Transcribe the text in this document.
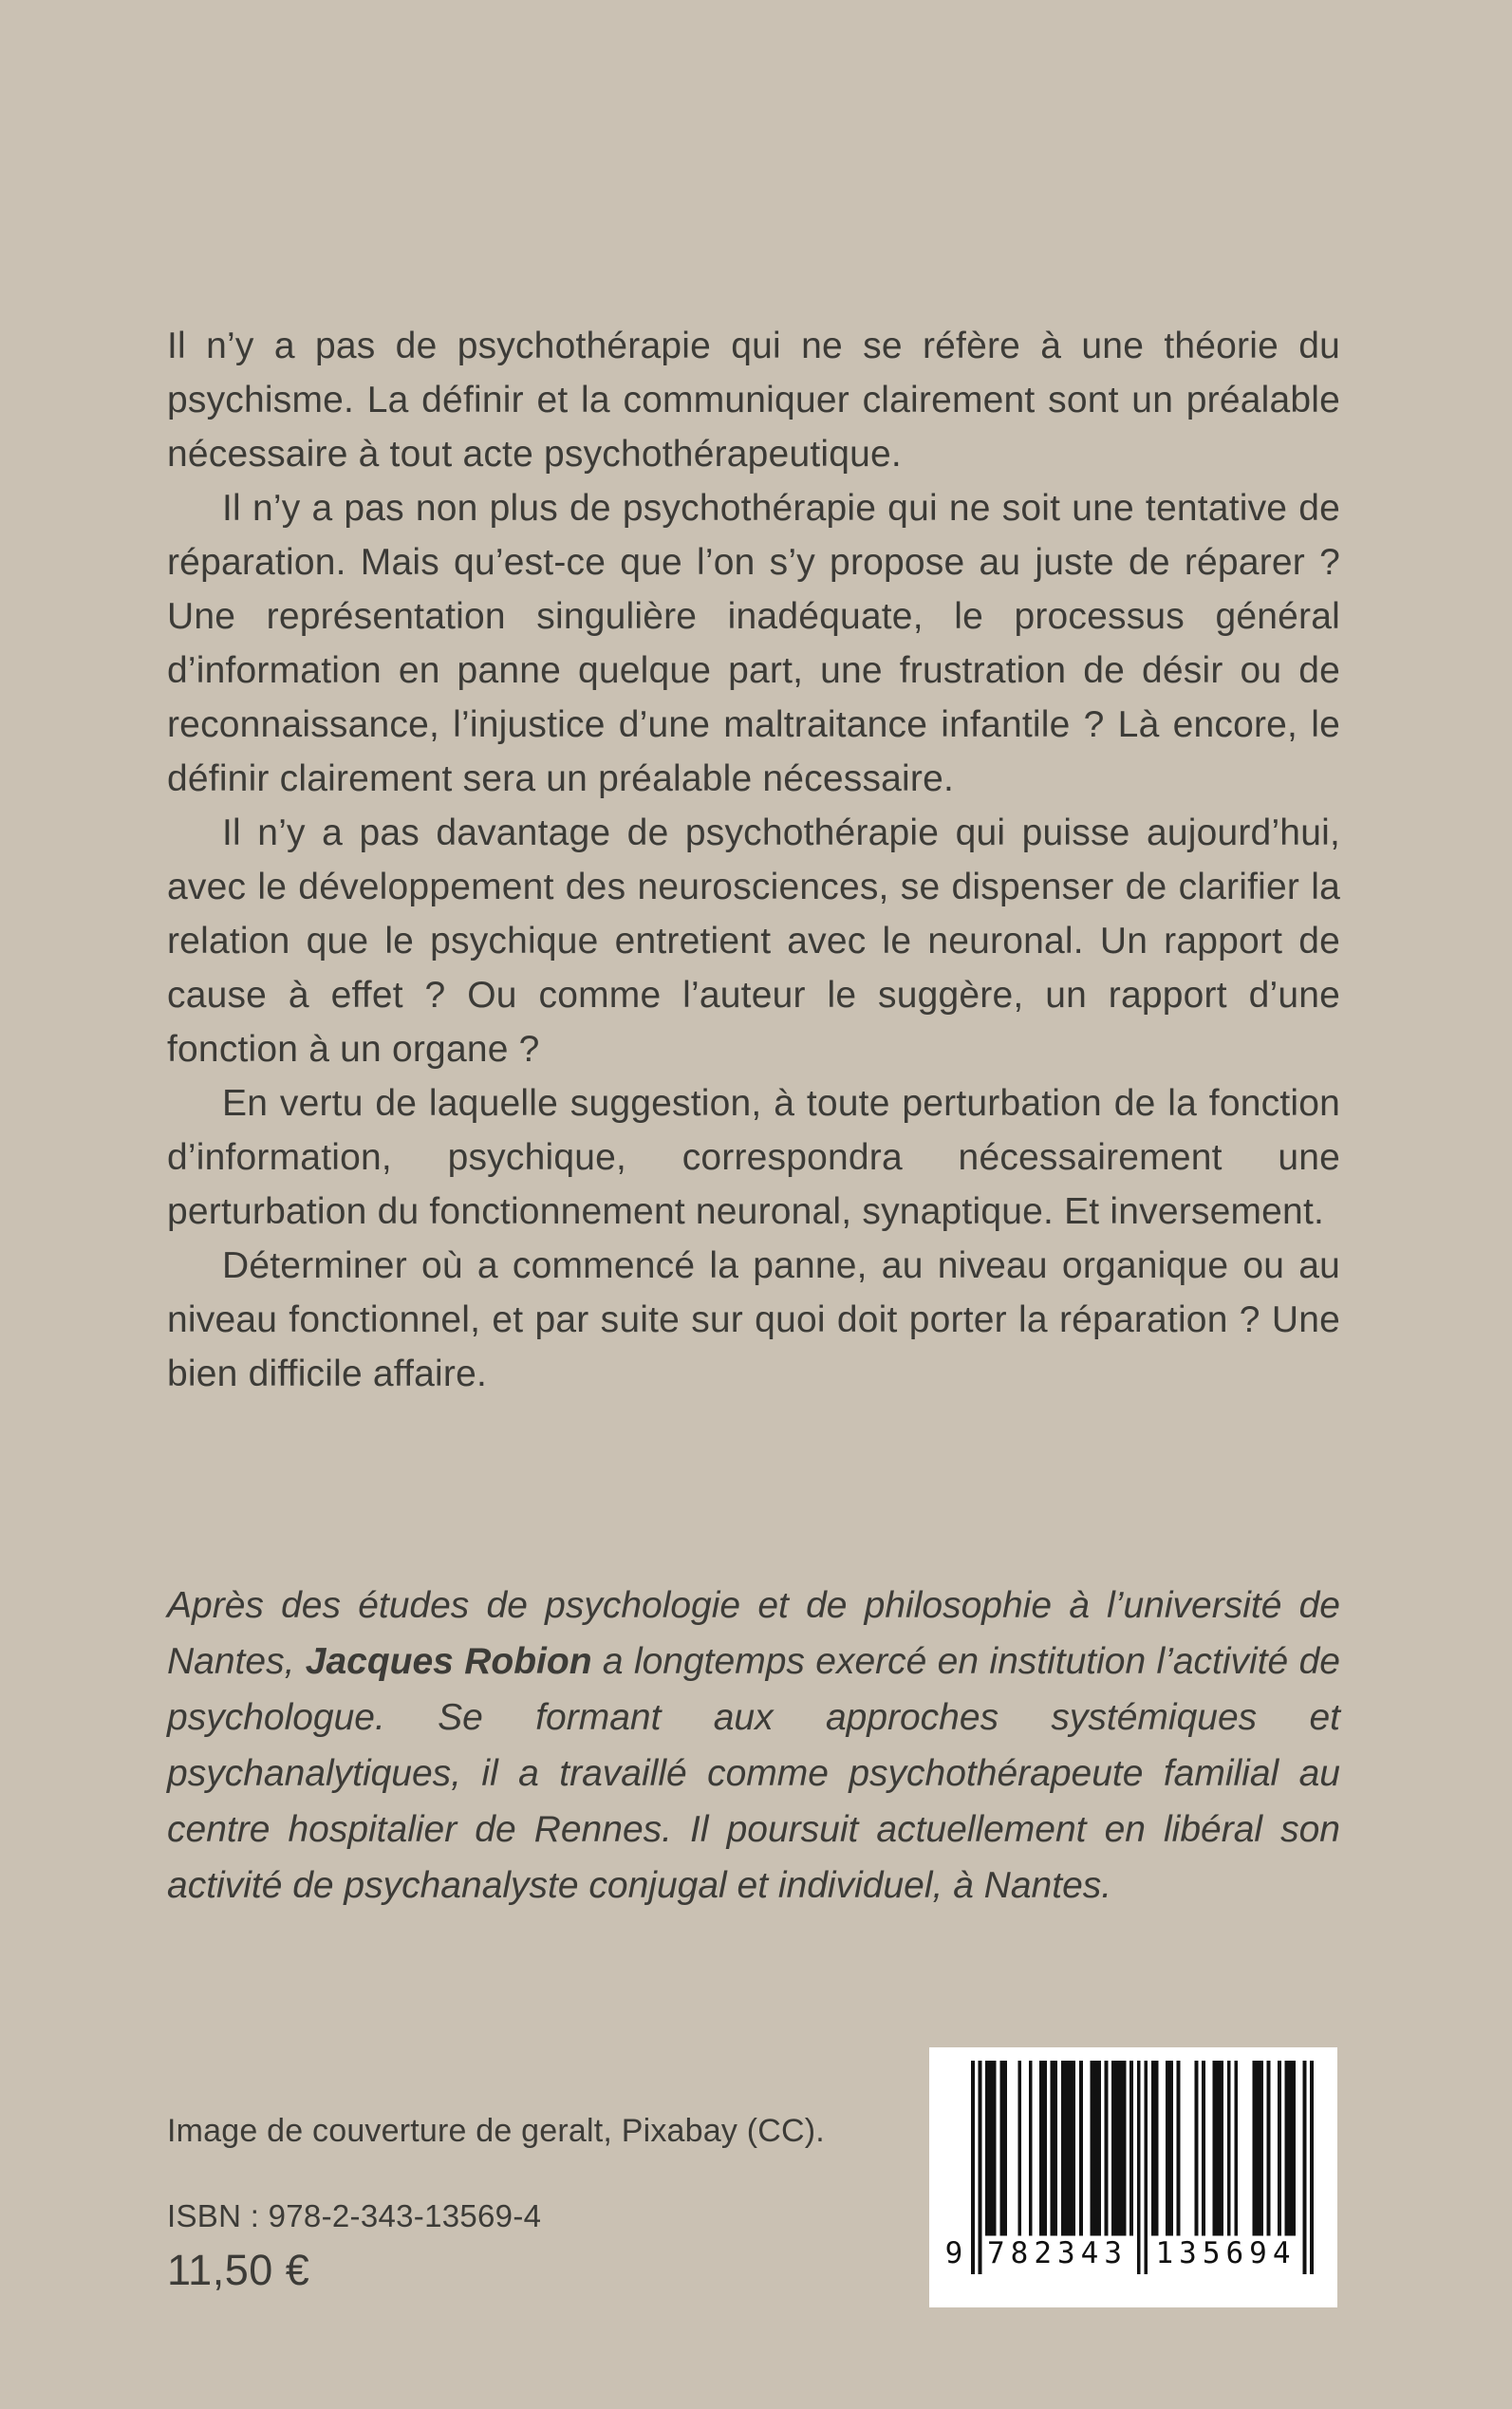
Il n’y a pas de psychothérapie qui ne se réfère à une théorie du psychisme. La définir et la communiquer clairement sont un préalable nécessaire à tout acte psychothérapeutique.

Il n’y a pas non plus de psychothérapie qui ne soit une tentative de réparation. Mais qu’est-ce que l’on s’y propose au juste de réparer ? Une représentation singulière inadéquate, le processus général d’information en panne quelque part, une frustration de désir ou de reconnaissance, l’injustice d’une maltraitance infantile ? Là encore, le définir clairement sera un préalable nécessaire.

Il n’y a pas davantage de psychothérapie qui puisse aujourd’hui, avec le développement des neurosciences, se dispenser de clarifier la relation que le psychique entretient avec le neuronal. Un rapport de cause à effet ? Ou comme l’auteur le suggère, un rapport d’une fonction à un organe ?

En vertu de laquelle suggestion, à toute perturbation de la fonction d’information, psychique, correspondra nécessairement une perturbation du fonctionnement neuronal, synaptique. Et inversement.

Déterminer où a commencé la panne, au niveau organique ou au niveau fonctionnel, et par suite sur quoi doit porter la réparation ? Une bien difficile affaire.

Après des études de psychologie et de philosophie à l’université de Nantes, Jacques Robion a longtemps exercé en institution l’activité de psychologue. Se formant aux approches systémiques et psychanalytiques, il a travaillé comme psychothérapeute familial au centre hospitalier de Rennes. Il poursuit actuellement en libéral son activité de psychanalyste conjugal et individuel, à Nantes.

Image de couverture de geralt, Pixabay (CC).
ISBN : 978-2-343-13569-4
11,50 €	9 782343 135694
